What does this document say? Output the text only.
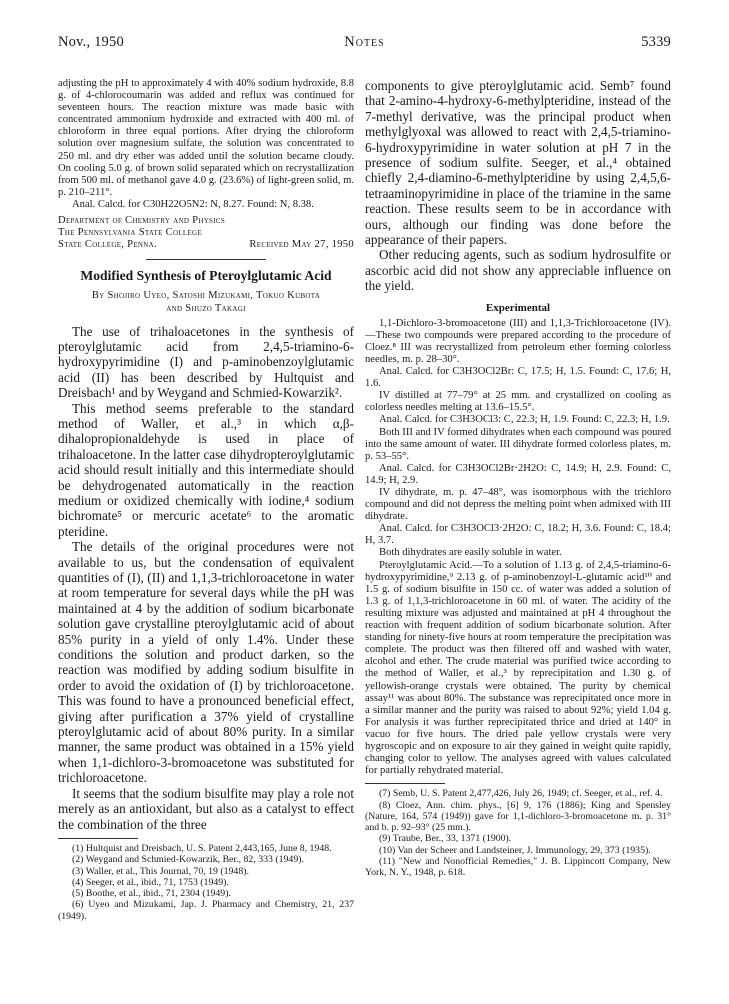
Nov., 1950	Notes	5339

adjusting the pH to approximately 4 with 40% sodium hydroxide, 8.8 g. of 4-chlorocoumarin was added and reflux was continued for seventeen hours. The reaction mixture was made basic with concentrated ammonium hydroxide and extracted with 400 ml. of chloroform in three equal portions. After drying the chloroform solution over magnesium sulfate, the solution was concentrated to 250 ml. and dry ether was added until the solution became cloudy. On cooling 5.0 g. of brown solid separated which on recrystallization from 500 ml. of methanol gave 4.0 g. (23.6%) of light-green solid, m. p. 210–211°.

Anal. Calcd. for C30H22O5N2: N, 8.27. Found: N, 8.38.

Department of Chemistry and Physics
The Pennsylvania State College
State College, Penna.	Received May 27, 1950
Modified Synthesis of Pteroylglutamic Acid
By Shojiro Uyeo, Satoshi Mizukami, Tokuo Kubota
and Shuzo Takagi

The use of trihaloacetones in the synthesis of pteroylglutamic acid from 2,4,5-triamino-6-hydroxypyrimidine (I) and p-aminobenzoylglutamic acid (II) has been described by Hultquist and Dreisbach¹ and by Weygand and Schmied-Kowarzik².

This method seems preferable to the standard method of Waller, et al.,³ in which α,β-dihalopropionaldehyde is used in place of trihaloacetone. In the latter case dihydropteroylglutamic acid should result initially and this intermediate should be dehydrogenated automatically in the reaction medium or oxidized chemically with iodine,⁴ sodium bichromate⁵ or mercuric acetate⁶ to the aromatic pteridine.

The details of the original procedures were not available to us, but the condensation of equivalent quantities of (I), (II) and 1,1,3-trichloroacetone in water at room temperature for several days while the pH was maintained at 4 by the addition of sodium bicarbonate solution gave crystalline pteroylglutamic acid of about 85% purity in a yield of only 1.4%. Under these conditions the solution and product darken, so the reaction was modified by adding sodium bisulfite in order to avoid the oxidation of (I) by trichloroacetone. This was found to have a pronounced beneficial effect, giving after purification a 37% yield of crystalline pteroylglutamic acid of about 80% purity. In a similar manner, the same product was obtained in a 15% yield when 1,1-dichloro-3-bromoacetone was substituted for trichloroacetone.

It seems that the sodium bisulfite may play a role not merely as an antioxidant, but also as a catalyst to effect the combination of the three

(1) Hultquist and Dreisbach, U. S. Patent 2,443,165, June 8, 1948.

(2) Weygand and Schmied-Kowarzik, Ber., 82, 333 (1949).

(3) Waller, et al., This Journal, 70, 19 (1948).

(4) Seeger, et al., ibid., 71, 1753 (1949).

(5) Boothe, et al., ibid., 71, 2304 (1949).

(6) Uyeo and Mizukami, Jap. J. Pharmacy and Chemistry, 21, 237 (1949).

components to give pteroylglutamic acid. Semb⁷ found that 2-amino-4-hydroxy-6-methylpteridine, instead of the 7-methyl derivative, was the principal product when methylglyoxal was allowed to react with 2,4,5-triamino-6-hydroxypyrimidine in water solution at pH 7 in the presence of sodium sulfite. Seeger, et al.,⁴ obtained chiefly 2,4-diamino-6-methylpteridine by using 2,4,5,6-tetraaminopyrimidine in place of the triamine in the same reaction. These results seem to be in accordance with ours, although our finding was done before the appearance of their papers.

Other reducing agents, such as sodium hydrosulfite or ascorbic acid did not show any appreciable influence on the yield.

Experimental

1,1-Dichloro-3-bromoacetone (III) and 1,1,3-Trichloroacetone (IV).—These two compounds were prepared according to the procedure of Cloez.⁸ III was recrystallized from petroleum ether forming colorless needles, m. p. 28–30°.

Anal. Calcd. for C3H3OCl2Br: C, 17.5; H, 1.5. Found: C, 17.6; H, 1.6.

IV distilled at 77–79° at 25 mm. and crystallized on cooling as colorless needles melting at 13.6–15.5°.

Anal. Calcd. for C3H3OCl3: C, 22.3; H, 1.9. Found: C, 22.3; H, 1.9.

Both III and IV formed dihydrates when each compound was poured into the same amount of water. III dihydrate formed colorless plates, m. p. 53–55°.

Anal. Calcd. for C3H3OCl2Br·2H2O: C, 14.9; H, 2.9. Found: C, 14.9; H, 2.9.

IV dihydrate, m. p. 47–48°, was isomorphous with the trichloro compound and did not depress the melting point when admixed with III dihydrate.

Anal. Calcd. for C3H3OCl3·2H2O: C, 18.2; H, 3.6. Found: C, 18.4; H, 3.7.

Both dihydrates are easily soluble in water.

Pteroylglutamic Acid.—To a solution of 1.13 g. of 2,4,5-triamino-6-hydroxypyrimidine,⁹ 2.13 g. of p-aminobenzoyl-L-glutamic acid¹⁰ and 1.5 g. of sodium bisulfite in 150 cc. of water was added a solution of 1.3 g. of 1,1,3-trichloroacetone in 60 ml. of water. The acidity of the resulting mixture was adjusted and maintained at pH 4 throughout the reaction with frequent addition of sodium bicarbonate solution. After standing for ninety-five hours at room temperature the precipitation was complete. The product was then filtered off and washed with water, alcohol and ether. The crude material was purified twice according to the method of Waller, et al.,³ by reprecipitation and 1.30 g. of yellowish-orange crystals were obtained. The purity by chemical assay¹¹ was about 80%. The substance was reprecipitated once more in a similar manner and the purity was raised to about 92%; yield 1.04 g. For analysis it was further reprecipitated thrice and dried at 140° in vacuo for five hours. The dried pale yellow crystals were very hygroscopic and on exposure to air they gained in weight quite rapidly, changing color to yellow. The analyses agreed with values calculated for partially rehydrated material.

(7) Semb, U. S. Patent 2,477,426, July 26, 1949; cf. Seeger, et al., ref. 4.

(8) Cloez, Ann. chim. phys., [6] 9, 176 (1886); King and Spensley (Nature, 164, 574 (1949)) gave for 1,1-dichloro-3-bromoacetone m. p. 31° and b. p. 92–93° (25 mm.).

(9) Traube, Ber., 33, 1371 (1900).

(10) Van der Scheer and Landsteiner, J. Immunology, 29, 373 (1935).

(11) "New and Nonofficial Remedies," J. B. Lippincott Company, New York, N. Y., 1948, p. 618.
